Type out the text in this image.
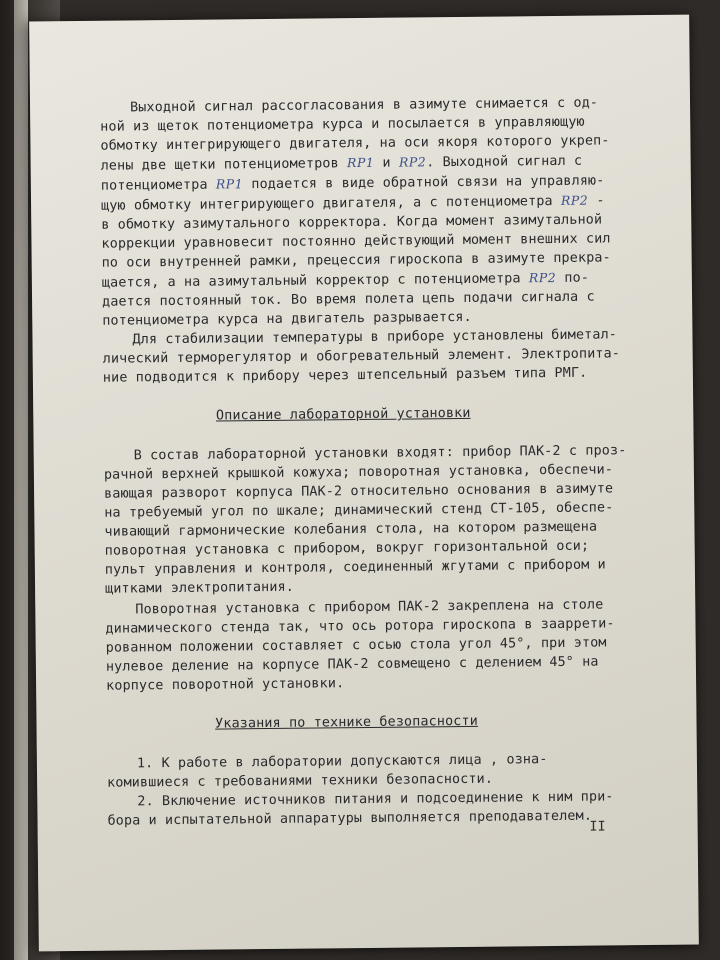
Выходной сигнал рассогласования в азимуте снимается с од-
ной из щеток потенциометра курса и посылается в управляющую
обмотку интегрирующего двигателя, на оси якоря которого укреп-
лены две щетки потенциометров RP1 и RP2. Выходной сигнал с
потенциометра RP1 подается в виде обратной связи на управляю-
щую обмотку интегрирующего двигателя, а с потенциометра RP2 -
в обмотку азимутального корректора. Когда момент азимутальной
коррекции уравновесит постоянно действующий момент внешних сил
по оси внутренней рамки, прецессия гироскопа в азимуте прекра-
щается, а на азимутальный корректор с потенциометра RP2 по-
дается постоянный ток. Во время полета цепь подачи сигнала с
потенциометра курса на двигатель разрывается.
Для стабилизации температуры в приборе установлены биметал-
лический терморегулятор и обогревательный элемент. Электропита-
ние подводится к прибору через штепсельный разъем типа РМГ.
Описание лабораторной установки
В состав лабораторной установки входят: прибор ПАК-2 с проз-
рачной верхней крышкой кожуха; поворотная установка, обеспечи-
вающая разворот корпуса ПАК-2 относительно основания в азимуте
на требуемый угол по шкале; динамический стенд СТ-105, обеспе-
чивающий гармонические колебания стола, на котором размещена
поворотная установка с прибором, вокруг горизонтальной оси;
пульт управления и контроля, соединенный жгутами с прибором и
щитками электропитания.
Поворотная установка с прибором ПАК-2 закреплена на столе
динамического стенда так, что ось ротора гироскопа в зааррети-
рованном положении составляет с осью стола угол 45°, при этом
нулевое деление на корпусе ПАК-2 совмещено с делением 45° на
корпусе поворотной установки.
Указания по технике безопасности
1. К работе в лаборатории допускаются лица , озна-
комившиеся с требованиями техники безопасности.
2. Включение источников питания и подсоединение к ним при-
бора и испытательной аппаратуры выполняется преподавателем.
II
